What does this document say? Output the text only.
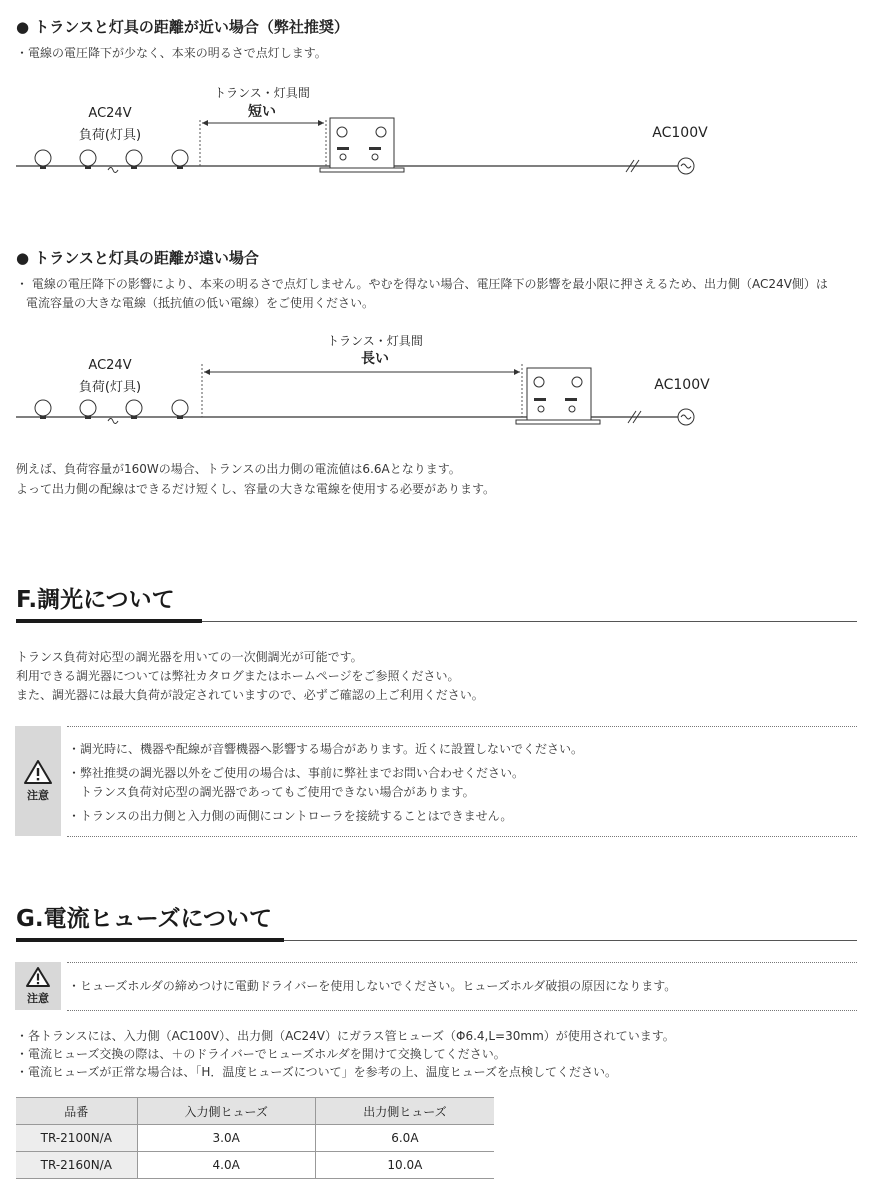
● トランスと灯具の距離が近い場合（弊社推奨）
・電線の電圧降下が少なく、本来の明るさで点灯します。
AC24V
負荷(灯具)
トランス・灯具間
短い
AC100V
● トランスと灯具の距離が遠い場合
・ 電線の電圧降下の影響により、本来の明るさで点灯しません。やむを得ない場合、電圧降下の影響を最小限に押さえるため、出力側（AC24V側）は
電流容量の大きな電線（抵抗値の低い電線）をご使用ください。
AC24V
負荷(灯具)
トランス・灯具間
長い
AC100V
例えば、負荷容量が160Wの場合、トランスの出力側の電流値は6.6Aとなります。
よって出力側の配線はできるだけ短くし、容量の大きな電線を使用する必要があります。
F.調光について
トランス負荷対応型の調光器を用いての一次側調光が可能です。
利用できる調光器については弊社カタログまたはホームページをご参照ください。
また、調光器には最大負荷が設定されていますので、必ずご確認の上ご利用ください。
注意
・調光時に、機器や配線が音響機器へ影響する場合があります。近くに設置しないでください。
・弊社推奨の調光器以外をご使用の場合は、事前に弊社までお問い合わせください。
　トランス負荷対応型の調光器であってもご使用できない場合があります。
・トランスの出力側と入力側の両側にコントローラを接続することはできません。
G.電流ヒューズについて
注意
・ヒューズホルダの締めつけに電動ドライバーを使用しないでください。ヒューズホルダ破損の原因になります。
・各トランスには、入力側（AC100V）、出力側（AC24V）にガラス管ヒューズ（Φ6.4,L=30mm）が使用されています。
・電流ヒューズ交換の際は、＋のドライバーでヒューズホルダを開けて交換してください。
・電流ヒューズが正常な場合は、「H．温度ヒューズについて」を参考の上、温度ヒューズを点検してください。
品番	入力側ヒューズ	出力側ヒューズ
TR-2100N/A	3.0A	6.0A
TR-2160N/A	4.0A	10.0A
